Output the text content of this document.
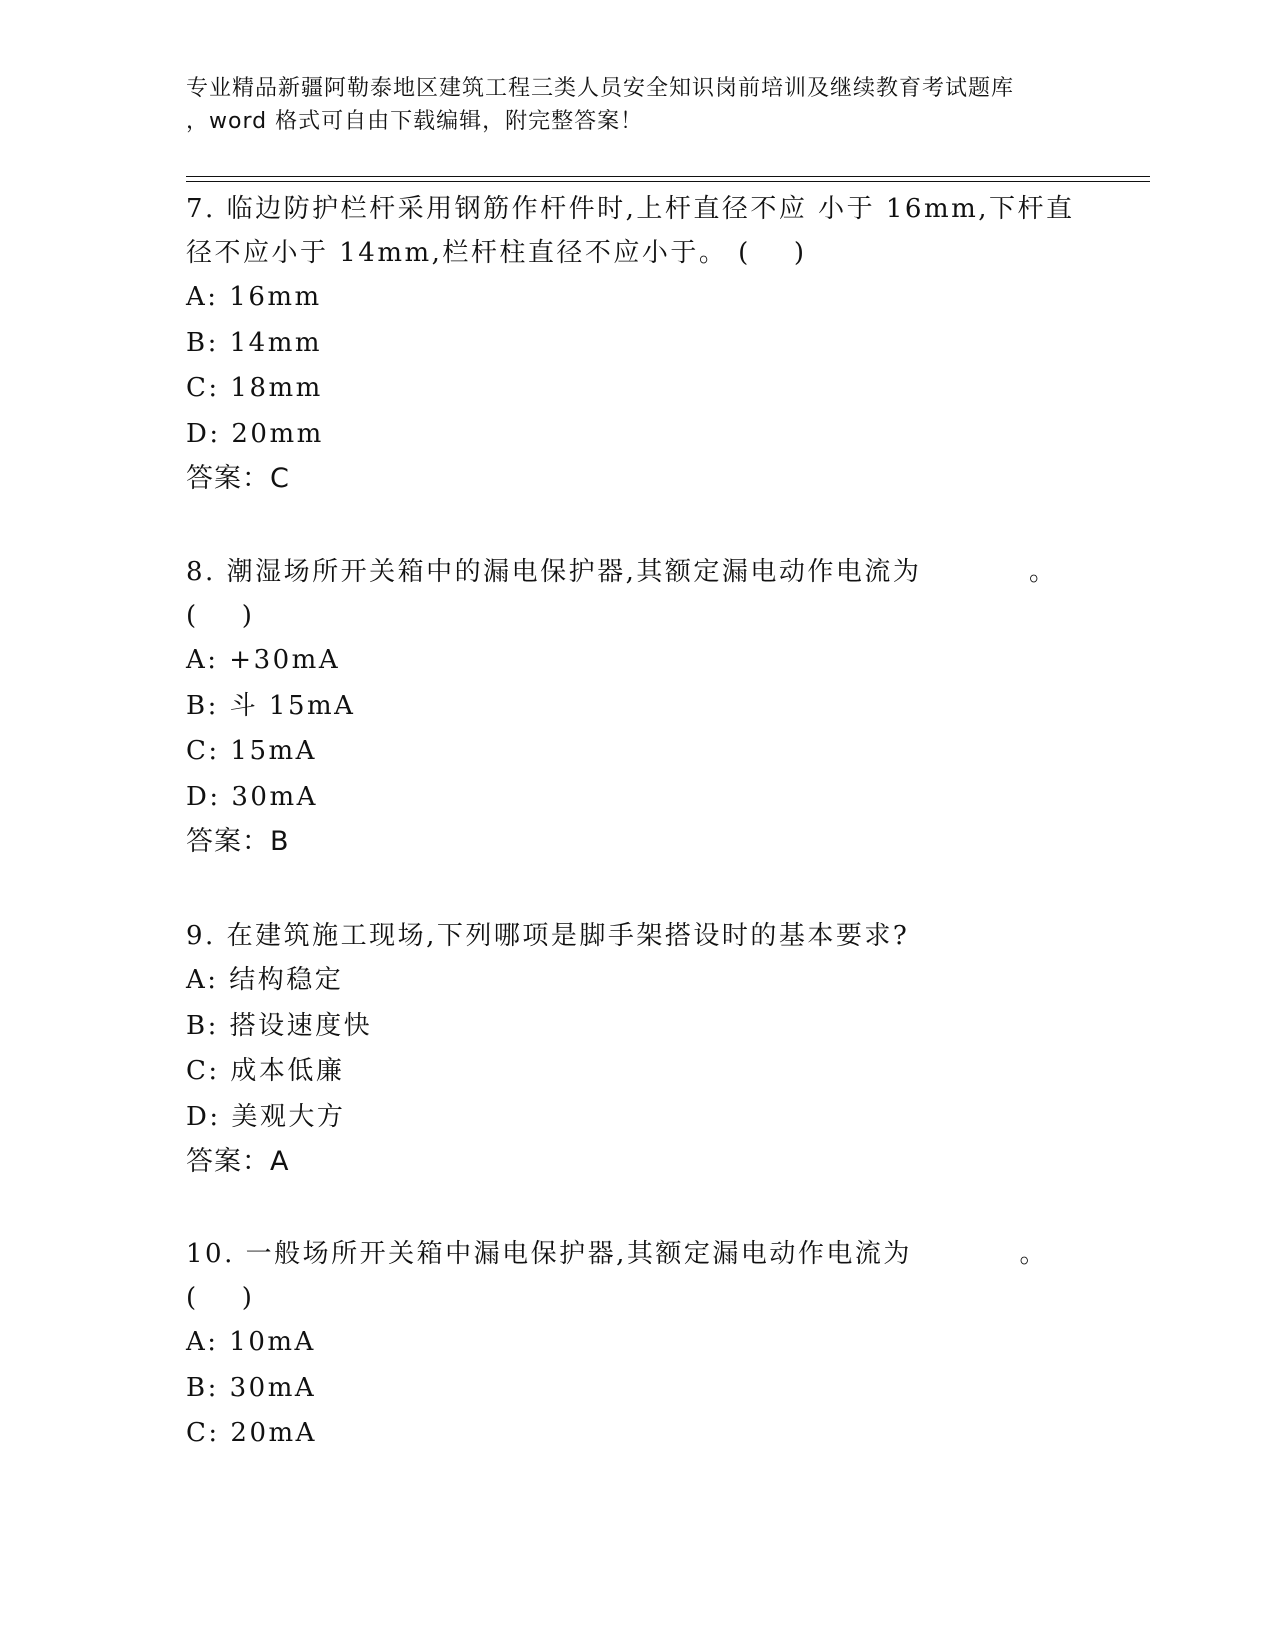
专业精品新疆阿勒泰地区建筑工程三类人员安全知识岗前培训及继续教育考试题库
，word 格式可自由下载编辑，附完整答案！

7. 临边防护栏杆采用钢筋作杆件时,上杆直径不应 小于 16mm,下杆直

径不应小于 14mm,栏杆柱直径不应小于。 (    )

A: 16mm

B: 14mm

C: 18mm

D: 20mm

答案：C

8. 潮湿场所开关箱中的漏电保护器,其额定漏电动作电流为          。

(    )

A: +30mA

B: 斗 15mA

C: 15mA

D: 30mA

答案：B

9. 在建筑施工现场,下列哪项是脚手架搭设时的基本要求?

A: 结构稳定

B: 搭设速度快

C: 成本低廉

D: 美观大方

答案：A

10. 一般场所开关箱中漏电保护器,其额定漏电动作电流为          。

(    )

A: 10mA

B: 30mA

C: 20mA
